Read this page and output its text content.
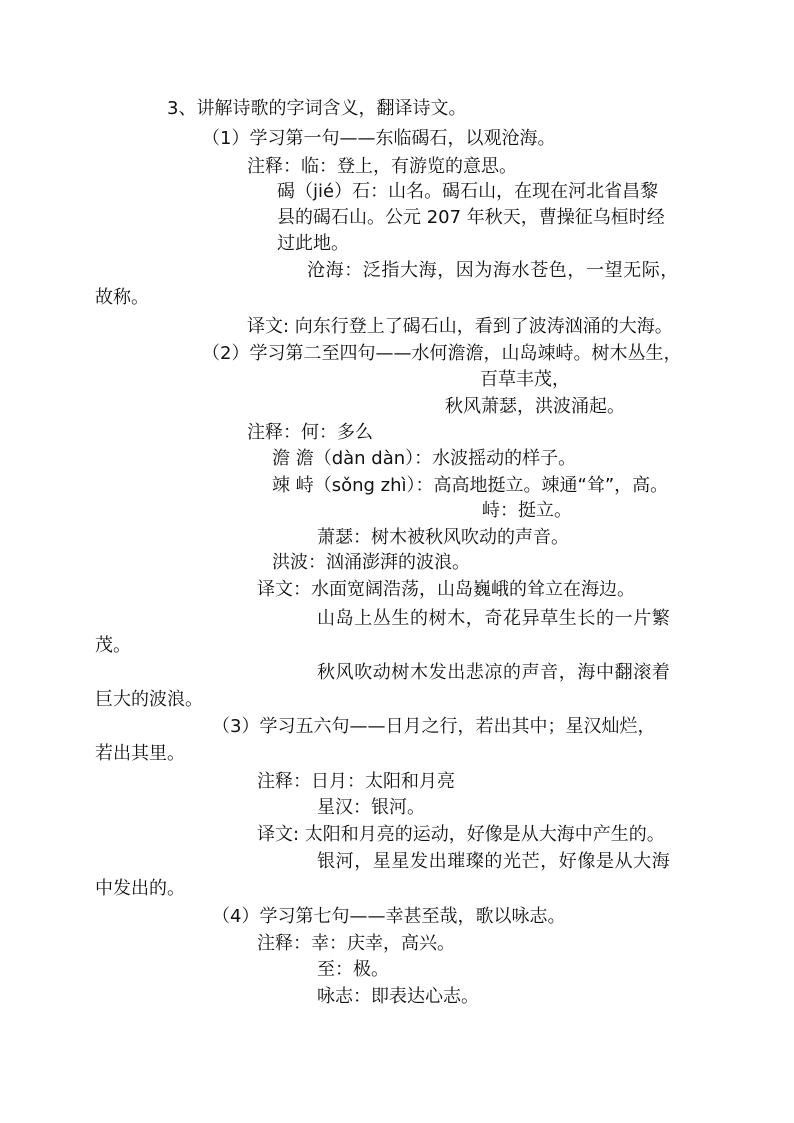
3、讲解诗歌的字词含义，翻译诗文。
（1）学习第一句——东临碣石，以观沧海。
注释：临：登上，有游览的意思。
碣（jié）石：山名。碣石山，在现在河北省昌黎
县的碣石山。公元 207 年秋天，曹操征乌桓时经
过此地。
沧海：泛指大海，因为海水苍色，一望无际，
故称。
译文: 向东行登上了碣石山，看到了波涛汹涌的大海。
（2）学习第二至四句——水何澹澹，山岛竦峙。树木丛生，
百草丰茂，
秋风萧瑟，洪波涌起。
注释：何：多么
澹 澹（dàn dàn）：水波摇动的样子。
竦 峙（sǒng zhì）：高高地挺立。竦通“耸”，高。
峙：挺立。
萧瑟：树木被秋风吹动的声音。
洪波：汹涌澎湃的波浪。
译文：水面宽阔浩荡，山岛巍峨的耸立在海边。
山岛上丛生的树木，奇花异草生长的一片繁
茂。
秋风吹动树木发出悲凉的声音，海中翻滚着
巨大的波浪。
（3）学习五六句——日月之行，若出其中；星汉灿烂，
若出其里。
注释：日月：太阳和月亮
星汉：银河。
译文: 太阳和月亮的运动，好像是从大海中产生的。
银河，星星发出璀璨的光芒，好像是从大海
中发出的。
（4）学习第七句——幸甚至哉，歌以咏志。
注释：幸：庆幸，高兴。
至：极。
咏志：即表达心志。
